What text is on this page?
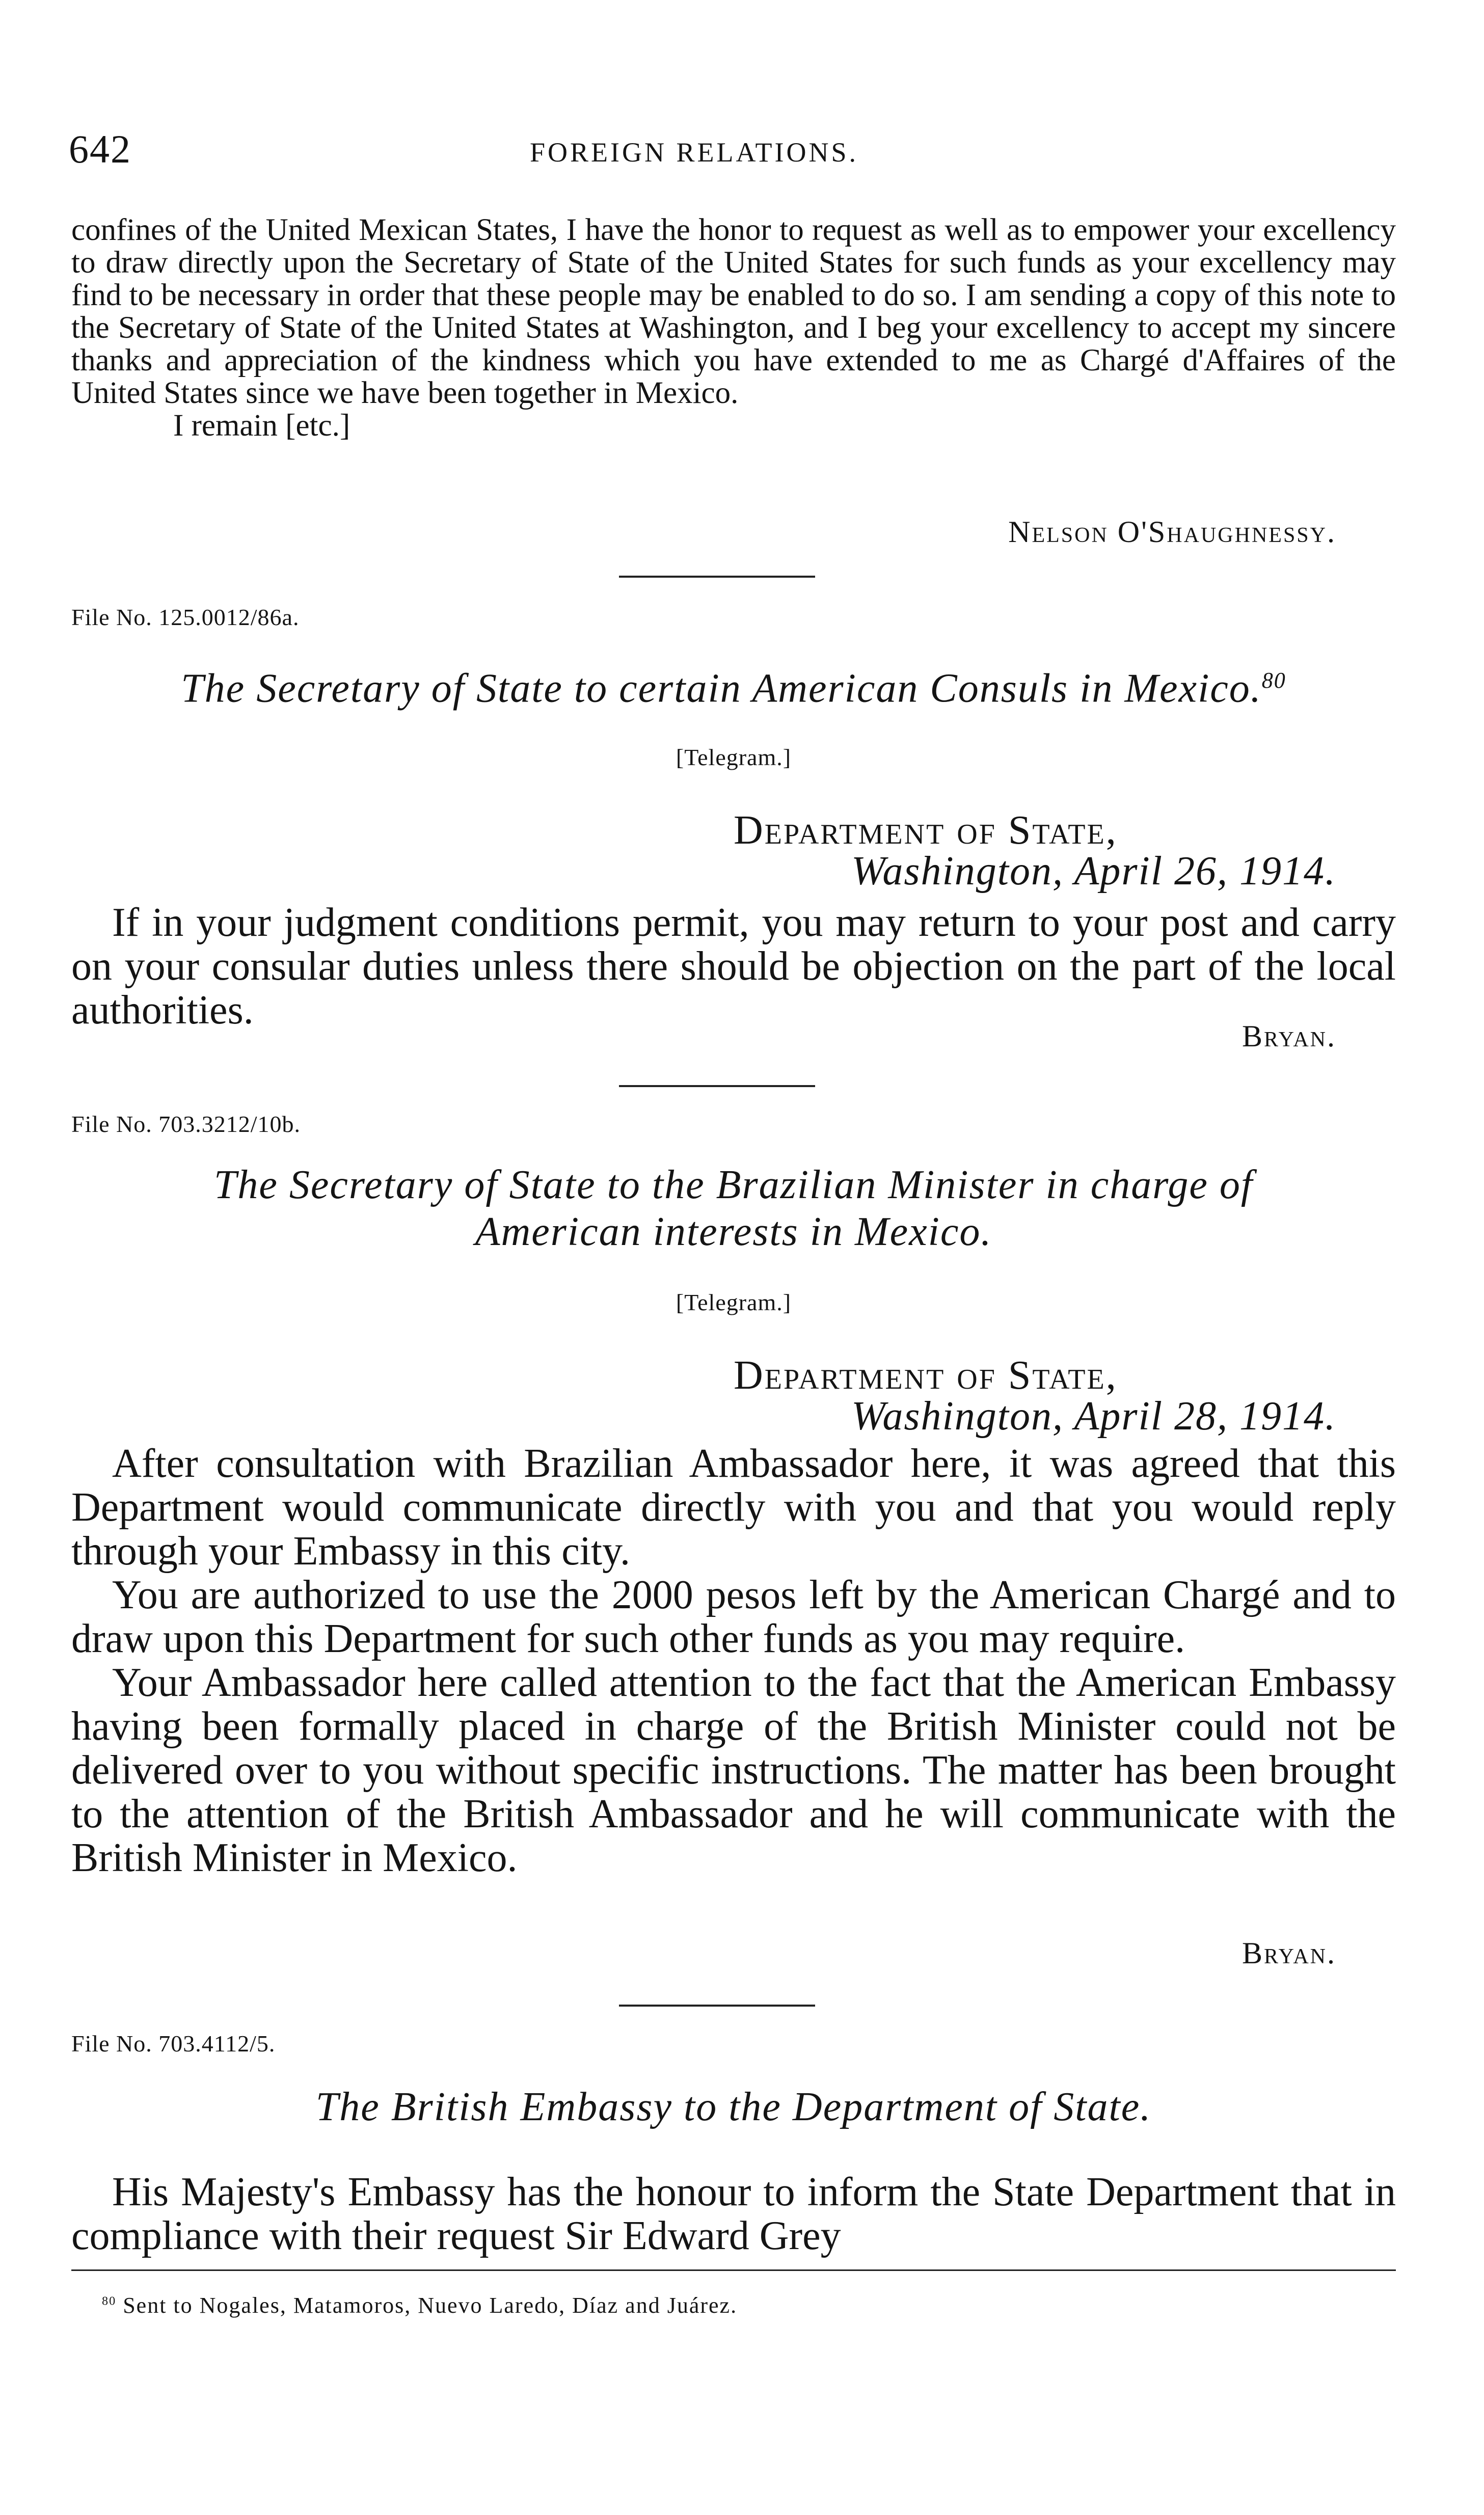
642	FOREIGN RELATIONS.

confines of the United Mexican States, I have the honor to request as well as to empower your excellency to draw directly upon the Secretary of State of the United States for such funds as your excellency may find to be necessary in order that these people may be enabled to do so. I am sending a copy of this note to the Secretary of State of the United States at Washington, and I beg your excellency to accept my sincere thanks and appreciation of the kindness which you have extended to me as Chargé d'Affaires of the United States since we have been together in Mexico.

I remain [etc.]

Nelson O'Shaughnessy.
File No. 125.0012/86a.
The Secretary of State to certain American Consuls in Mexico.$^{80}$
[Telegram.]
Department of State,
Washington, April 26, 1914.

If in your judgment conditions permit, you may return to your post and carry on your consular duties unless there should be objection on the part of the local authorities.

Bryan.
File No. 703.3212/10b.
The Secretary of State to the Brazilian Minister in charge of
American interests in Mexico.
[Telegram.]
Department of State,
Washington, April 28, 1914.

After consultation with Brazilian Ambassador here, it was agreed that this Department would communicate directly with you and that you would reply through your Embassy in this city.

You are authorized to use the 2000 pesos left by the American Chargé and to draw upon this Department for such other funds as you may require.

Your Ambassador here called attention to the fact that the American Embassy having been formally placed in charge of the British Minister could not be delivered over to you without specific instructions. The matter has been brought to the attention of the British Ambassador and he will communicate with the British Minister in Mexico.

Bryan.
File No. 703.4112/5.
The British Embassy to the Department of State.

His Majesty's Embassy has the honour to inform the State Department that in compliance with their request Sir Edward Grey

$^{80}$ Sent to Nogales, Matamoros, Nuevo Laredo, Díaz and Juárez.
